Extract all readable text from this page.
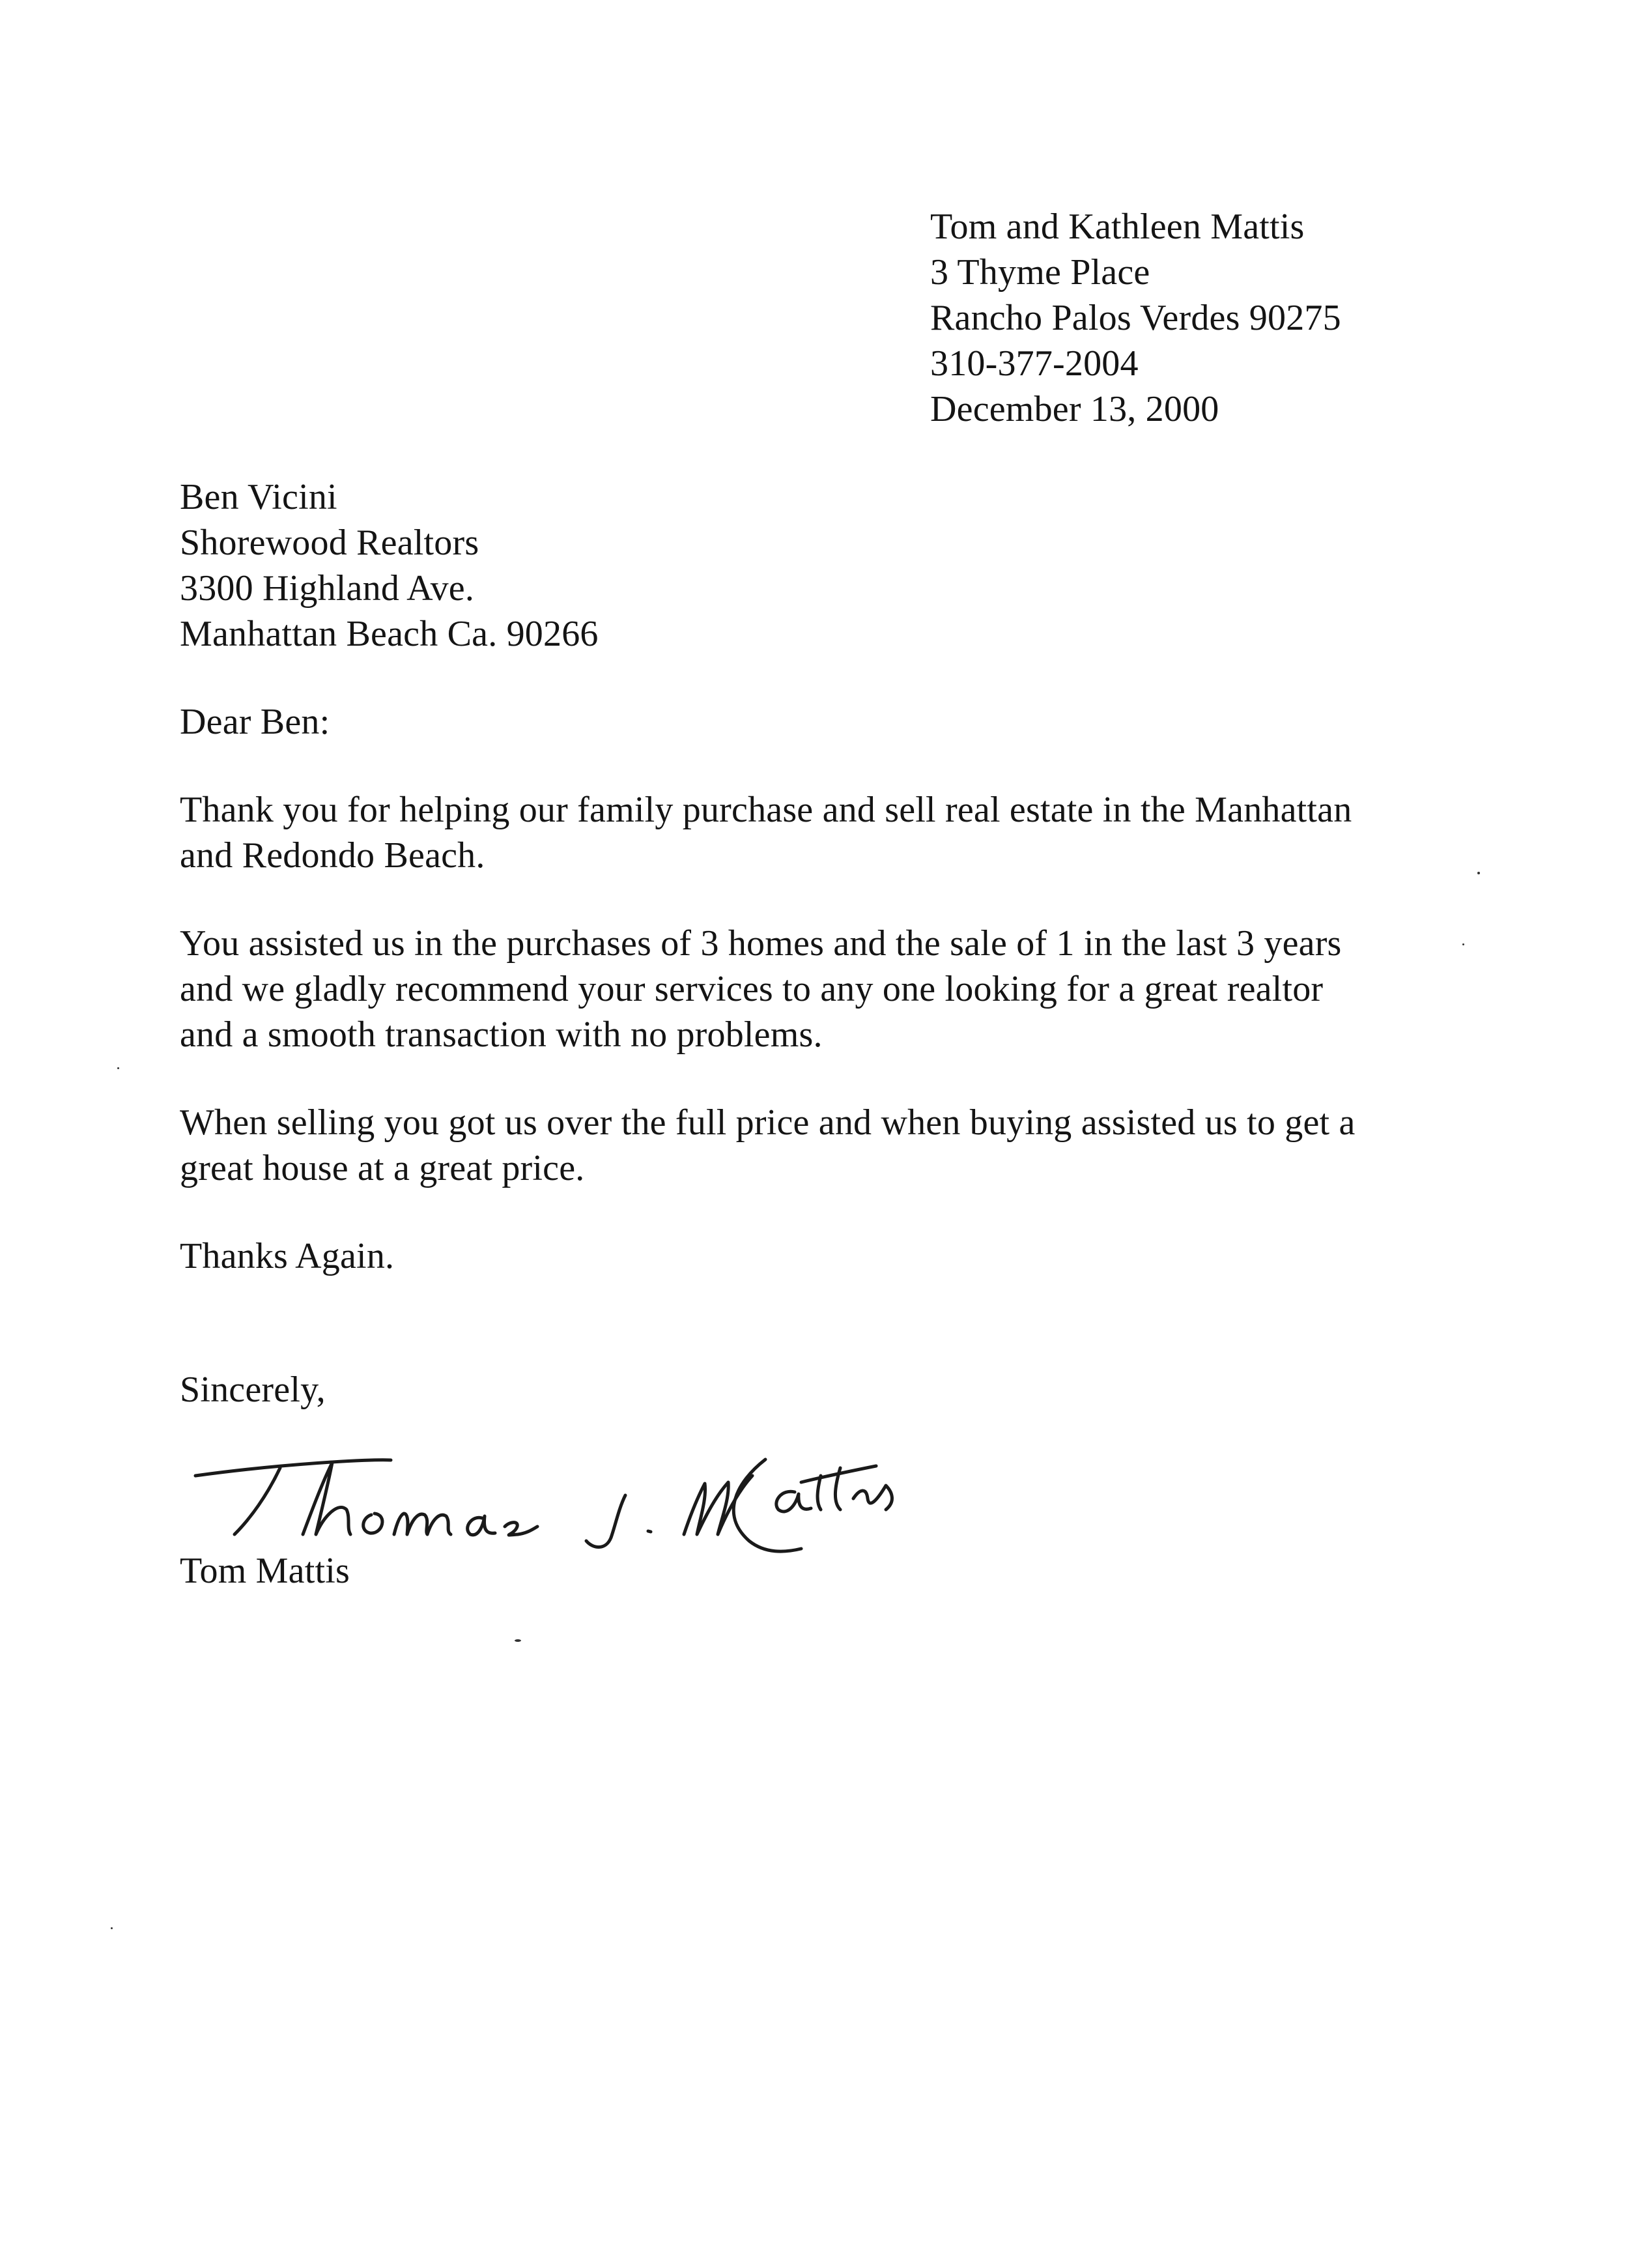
Tom and Kathleen Mattis
3 Thyme Place
Rancho Palos Verdes 90275
310-377-2004
December 13, 2000
Ben Vicini
Shorewood Realtors
3300 Highland Ave.
Manhattan Beach Ca. 90266
Dear Ben:
Thank you for helping our family purchase and sell real estate in the Manhattan
and Redondo Beach.
You assisted us in the purchases of 3 homes and the sale of 1 in the last 3 years
and we gladly recommend your services to any one looking for a great realtor
and a smooth transaction with no problems.
When selling you got us over the full price and when buying assisted us to get a
great house at a great price.
Thanks Again.
Sincerely,
Tom Mattis
